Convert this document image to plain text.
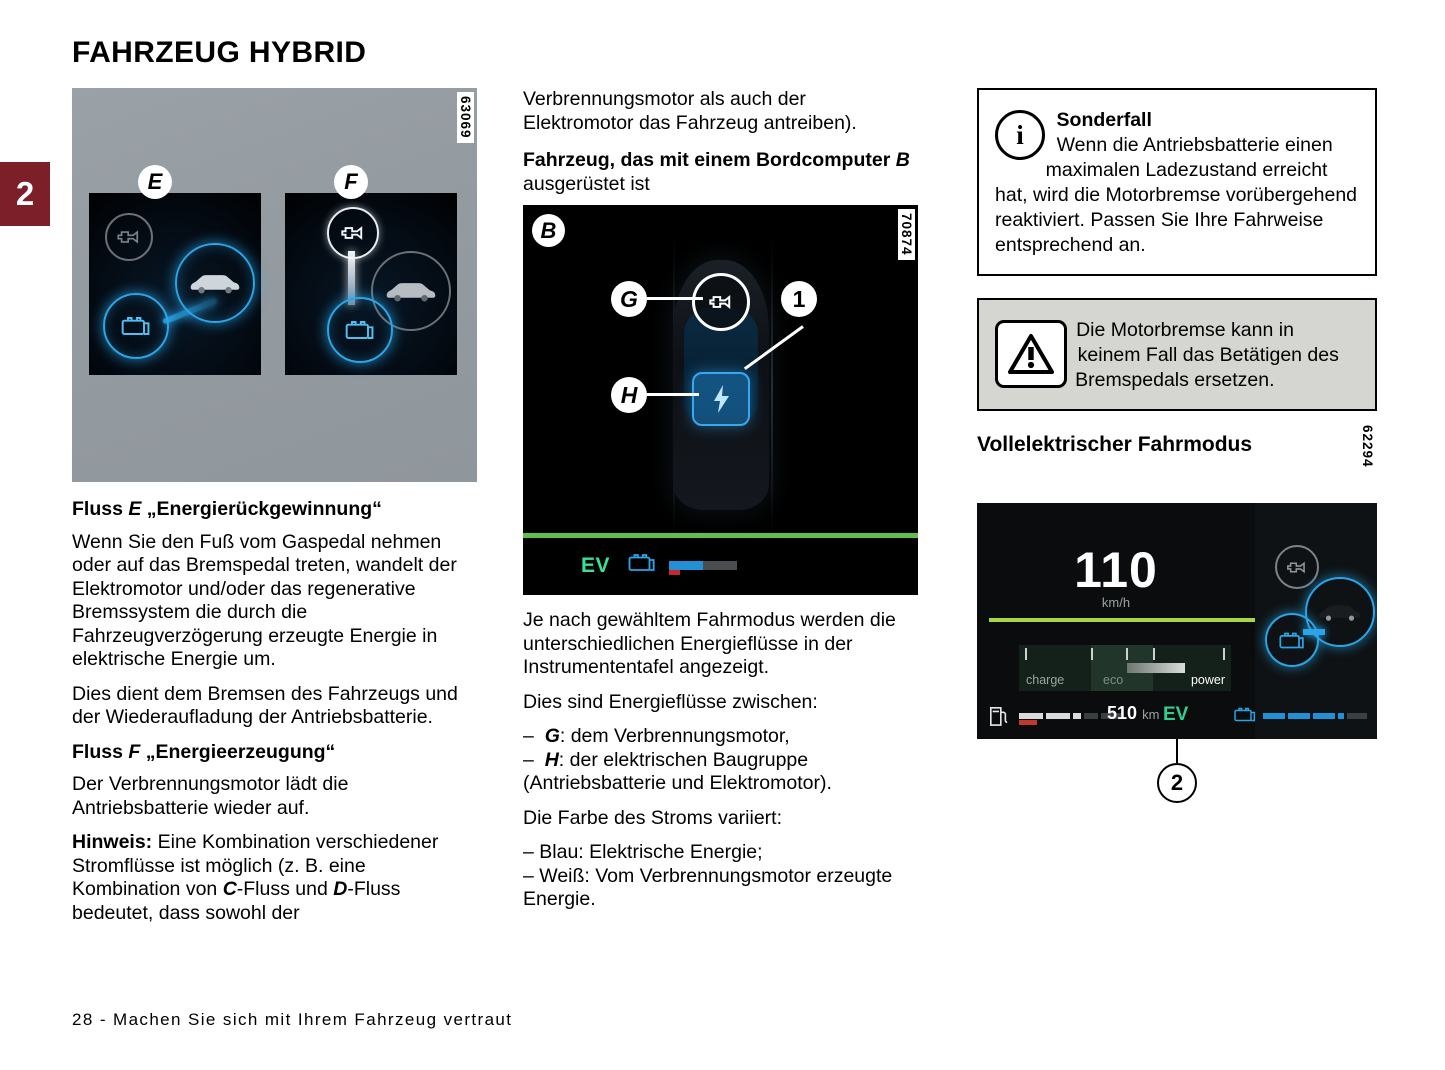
2
FAHRZEUG HYBRID
63069
E	F
Fluss E „Energierückgewinnung“

Wenn Sie den Fuß vom Gaspedal nehmen oder auf das Bremspedal treten, wandelt der Elektromotor und/oder das regenerative Bremssystem die durch die Fahrzeugverzögerung erzeugte Energie in elektrische Energie um.

Dies dient dem Bremsen des Fahrzeugs und der Wiederaufladung der Antriebsbatterie.

Fluss F „Energieerzeugung“

Der Verbrennungsmotor lädt die Antriebsbatterie wieder auf.

Hinweis: Eine Kombination verschiedener Stromflüsse ist möglich (z. B. eine Kombination von C-Fluss und D-Fluss bedeutet, dass sowohl der

Verbrennungsmotor als auch der Elektromotor das Fahrzeug antreiben).

Fahrzeug, das mit einem Bordcomputer B ausgerüstet ist
70874
B
G
H
1
EV

Je nach gewähltem Fahrmodus werden die unterschiedlichen Energieflüsse in der Instrumententafel angezeigt.

Dies sind Energieflüsse zwischen:

– G: dem Verbrennungsmotor,

– H: der elektrischen Baugruppe (Antriebsbatterie und Elektromotor).

Die Farbe des Stroms variiert:

– Blau: Elektrische Energie;

– Weiß: Vom Verbrennungsmotor erzeugte Energie.

i Sonderfall
Wenn die Antriebsbatterie einen maximalen Ladezustand erreicht hat, wird die Motorbremse vorübergehend reaktiviert. Passen Sie Ihre Fahrweise entsprechend an.
Die Motorbremse kann in keinem Fall das Betätigen des Bremspedals ersetzen.
Vollelektrischer Fahrmodus	62294
110
km/h
charge	eco	power
510 km EV
2
28 - Machen Sie sich mit Ihrem Fahrzeug vertraut
